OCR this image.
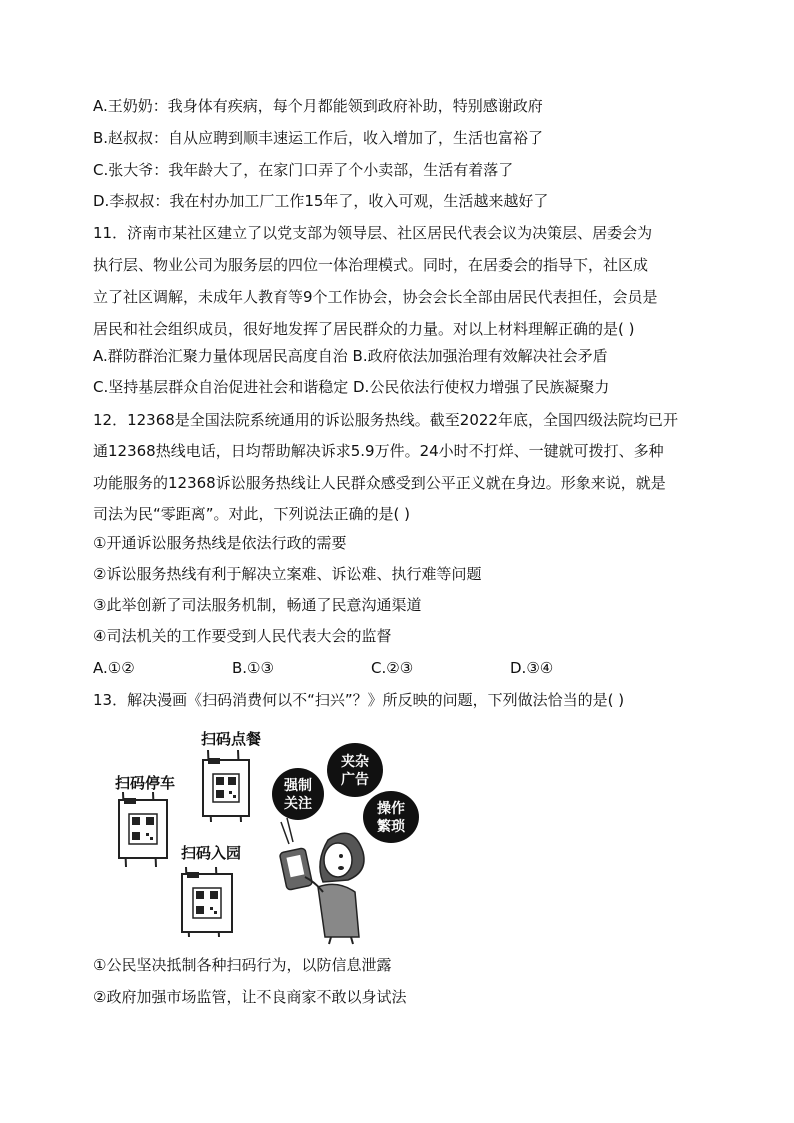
A.王奶奶：我身体有疾病，每个月都能领到政府补助，特别感谢政府
B.赵叔叔：自从应聘到顺丰速运工作后，收入增加了，生活也富裕了
C.张大爷：我年龄大了，在家门口弄了个小卖部，生活有着落了
D.李叔叔：我在村办加工厂工作15年了，收入可观，生活越来越好了
11．济南市某社区建立了以党支部为领导层、社区居民代表会议为决策层、居委会为
执行层、物业公司为服务层的四位一体治理模式。同时，在居委会的指导下，社区成
立了社区调解，未成年人教育等9个工作协会，协会会长全部由居民代表担任，会员是
居民和社会组织成员，很好地发挥了居民群众的力量。对以上材料理解正确的是( )
A.群防群治汇聚力量体现居民高度自治 B.政府依法加强治理有效解决社会矛盾
C.坚持基层群众自治促进社会和谐稳定 D.公民依法行使权力增强了民族凝聚力
12．12368是全国法院系统通用的诉讼服务热线。截至2022年底，全国四级法院均已开
通12368热线电话，日均帮助解决诉求5.9万件。24小时不打烊、一键就可拨打、多种
功能服务的12368诉讼服务热线让人民群众感受到公平正义就在身边。形象来说，就是
司法为民“零距离”。对此，下列说法正确的是( )
①开通诉讼服务热线是依法行政的需要
②诉讼服务热线有利于解决立案难、诉讼难、执行难等问题
③此举创新了司法服务机制，畅通了民意沟通渠道
④司法机关的工作要受到人民代表大会的监督
A.①②	B.①③	C.②③	D.③④
13．解决漫画《扫码消费何以不“扫兴”？》所反映的问题，下列做法恰当的是( )
扫码点餐
扫码停车
扫码入园
强制
关注
夹杂
广告
操作
繁琐
①公民坚决抵制各种扫码行为，以防信息泄露
②政府加强市场监管，让不良商家不敢以身试法
